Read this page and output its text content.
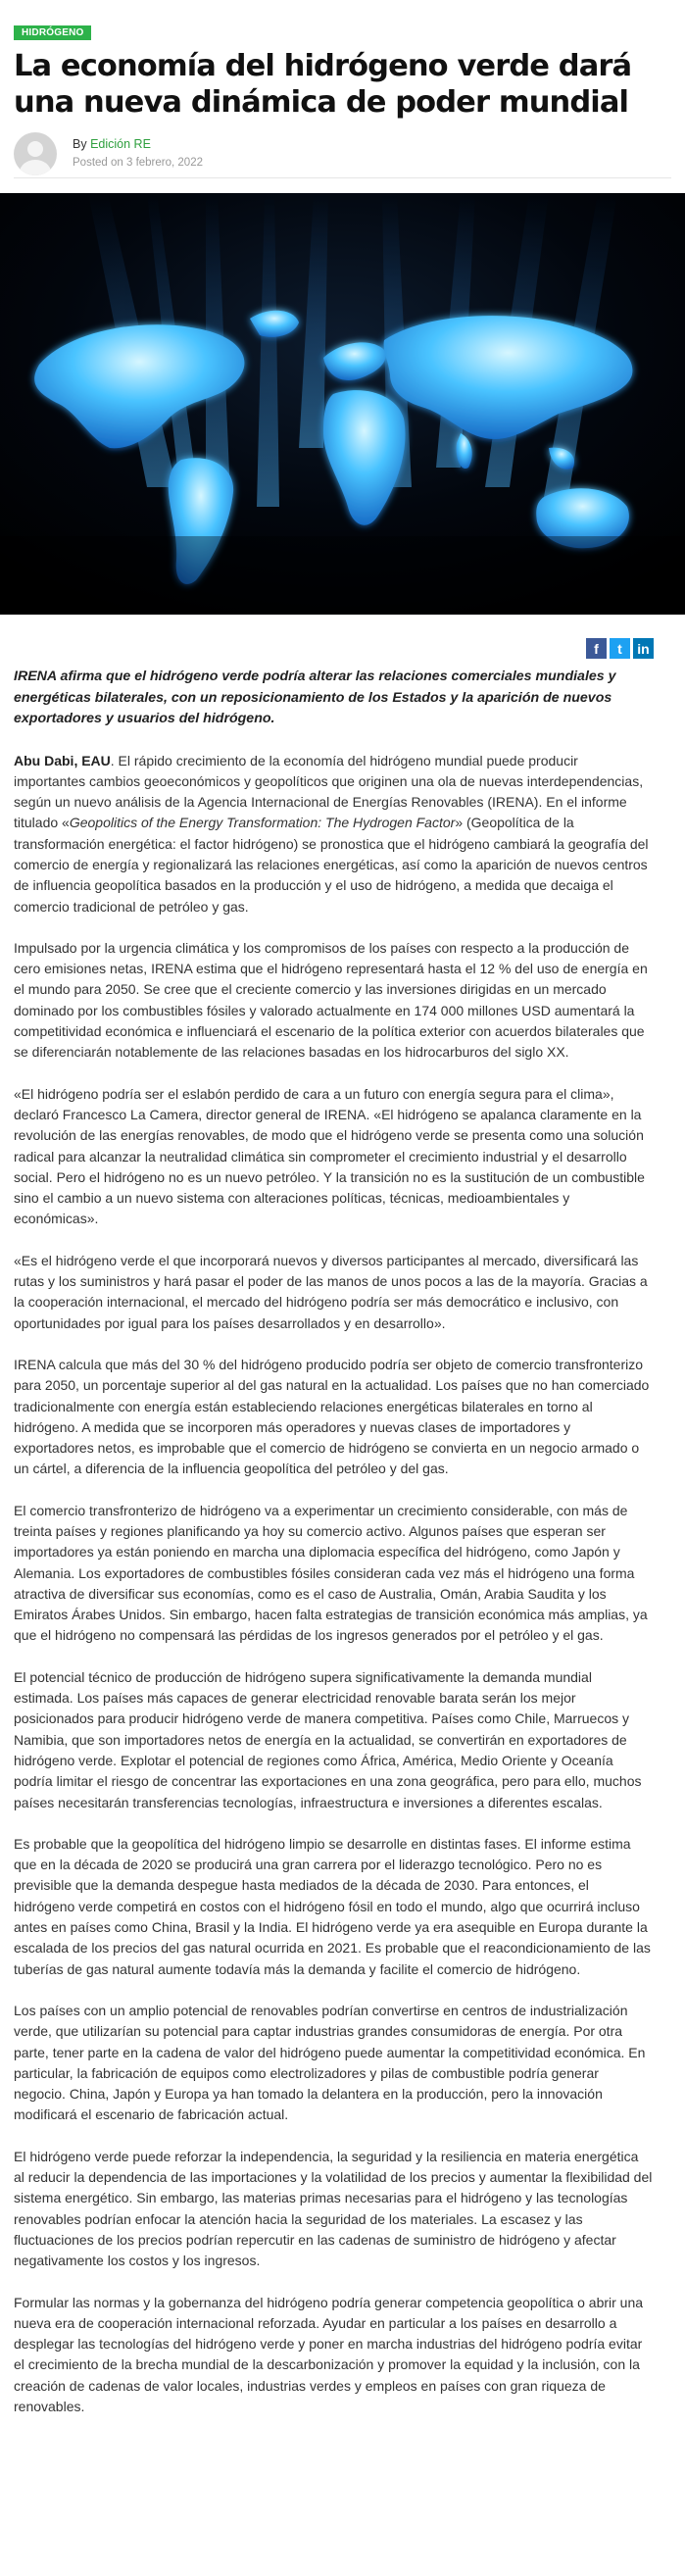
HIDRÓGENO
La economía del hidrógeno verde dará una nueva dinámica de poder mundial
By Edición RE
Posted on 3 febrero, 2022
f	t	in

IRENA afirma que el hidrógeno verde podría alterar las relaciones comerciales mundiales y energéticas bilaterales, con un reposicionamiento de los Estados y la aparición de nuevos exportadores y usuarios del hidrógeno.

Abu Dabi, EAU. El rápido crecimiento de la economía del hidrógeno mundial puede producir importantes cambios geoeconómicos y geopolíticos que originen una ola de nuevas interdependencias, según un nuevo análisis de la Agencia Internacional de Energías Renovables (IRENA). En el informe titulado «Geopolitics of the Energy Transformation: The Hydrogen Factor» (Geopolítica de la transformación energética: el factor hidrógeno) se pronostica que el hidrógeno cambiará la geografía del comercio de energía y regionalizará las relaciones energéticas, así como la aparición de nuevos centros de influencia geopolítica basados en la producción y el uso de hidrógeno, a medida que decaiga el comercio tradicional de petróleo y gas.

Impulsado por la urgencia climática y los compromisos de los países con respecto a la producción de cero emisiones netas, IRENA estima que el hidrógeno representará hasta el 12 % del uso de energía en el mundo para 2050. Se cree que el creciente comercio y las inversiones dirigidas en un mercado dominado por los combustibles fósiles y valorado actualmente en 174 000 millones USD aumentará la competitividad económica e influenciará el escenario de la política exterior con acuerdos bilaterales que se diferenciarán notablemente de las relaciones basadas en los hidrocarburos del siglo XX.

«El hidrógeno podría ser el eslabón perdido de cara a un futuro con energía segura para el clima», declaró Francesco La Camera, director general de IRENA. «El hidrógeno se apalanca claramente en la revolución de las energías renovables, de modo que el hidrógeno verde se presenta como una solución radical para alcanzar la neutralidad climática sin comprometer el crecimiento industrial y el desarrollo social. Pero el hidrógeno no es un nuevo petróleo. Y la transición no es la sustitución de un combustible sino el cambio a un nuevo sistema con alteraciones políticas, técnicas, medioambientales y económicas».

«Es el hidrógeno verde el que incorporará nuevos y diversos participantes al mercado, diversificará las rutas y los suministros y hará pasar el poder de las manos de unos pocos a las de la mayoría. Gracias a la cooperación internacional, el mercado del hidrógeno podría ser más democrático e inclusivo, con oportunidades por igual para los países desarrollados y en desarrollo».

IRENA calcula que más del 30 % del hidrógeno producido podría ser objeto de comercio transfronterizo para 2050, un porcentaje superior al del gas natural en la actualidad. Los países que no han comerciado tradicionalmente con energía están estableciendo relaciones energéticas bilaterales en torno al hidrógeno. A medida que se incorporen más operadores y nuevas clases de importadores y exportadores netos, es improbable que el comercio de hidrógeno se convierta en un negocio armado o un cártel, a diferencia de la influencia geopolítica del petróleo y del gas.

El comercio transfronterizo de hidrógeno va a experimentar un crecimiento considerable, con más de treinta países y regiones planificando ya hoy su comercio activo. Algunos países que esperan ser importadores ya están poniendo en marcha una diplomacia específica del hidrógeno, como Japón y Alemania. Los exportadores de combustibles fósiles consideran cada vez más el hidrógeno una forma atractiva de diversificar sus economías, como es el caso de Australia, Omán, Arabia Saudita y los Emiratos Árabes Unidos. Sin embargo, hacen falta estrategias de transición económica más amplias, ya que el hidrógeno no compensará las pérdidas de los ingresos generados por el petróleo y el gas.

El potencial técnico de producción de hidrógeno supera significativamente la demanda mundial estimada. Los países más capaces de generar electricidad renovable barata serán los mejor posicionados para producir hidrógeno verde de manera competitiva. Países como Chile, Marruecos y Namibia, que son importadores netos de energía en la actualidad, se convertirán en exportadores de hidrógeno verde. Explotar el potencial de regiones como África, América, Medio Oriente y Oceanía podría limitar el riesgo de concentrar las exportaciones en una zona geográfica, pero para ello, muchos países necesitarán transferencias tecnologías, infraestructura e inversiones a diferentes escalas.

Es probable que la geopolítica del hidrógeno limpio se desarrolle en distintas fases. El informe estima que en la década de 2020 se producirá una gran carrera por el liderazgo tecnológico. Pero no es previsible que la demanda despegue hasta mediados de la década de 2030. Para entonces, el hidrógeno verde competirá en costos con el hidrógeno fósil en todo el mundo, algo que ocurrirá incluso antes en países como China, Brasil y la India. El hidrógeno verde ya era asequible en Europa durante la escalada de los precios del gas natural ocurrida en 2021. Es probable que el reacondicionamiento de las tuberías de gas natural aumente todavía más la demanda y facilite el comercio de hidrógeno.

Los países con un amplio potencial de renovables podrían convertirse en centros de industrialización verde, que utilizarían su potencial para captar industrias grandes consumidoras de energía. Por otra parte, tener parte en la cadena de valor del hidrógeno puede aumentar la competitividad económica. En particular, la fabricación de equipos como electrolizadores y pilas de combustible podría generar negocio. China, Japón y Europa ya han tomado la delantera en la producción, pero la innovación modificará el escenario de fabricación actual.

El hidrógeno verde puede reforzar la independencia, la seguridad y la resiliencia en materia energética al reducir la dependencia de las importaciones y la volatilidad de los precios y aumentar la flexibilidad del sistema energético. Sin embargo, las materias primas necesarias para el hidrógeno y las tecnologías renovables podrían enfocar la atención hacia la seguridad de los materiales. La escasez y las fluctuaciones de los precios podrían repercutir en las cadenas de suministro de hidrógeno y afectar negativamente los costos y los ingresos.

Formular las normas y la gobernanza del hidrógeno podría generar competencia geopolítica o abrir una nueva era de cooperación internacional reforzada. Ayudar en particular a los países en desarrollo a desplegar las tecnologías del hidrógeno verde y poner en marcha industrias del hidrógeno podría evitar el crecimiento de la brecha mundial de la descarbonización y promover la equidad y la inclusión, con la creación de cadenas de valor locales, industrias verdes y empleos en países con gran riqueza de renovables.
